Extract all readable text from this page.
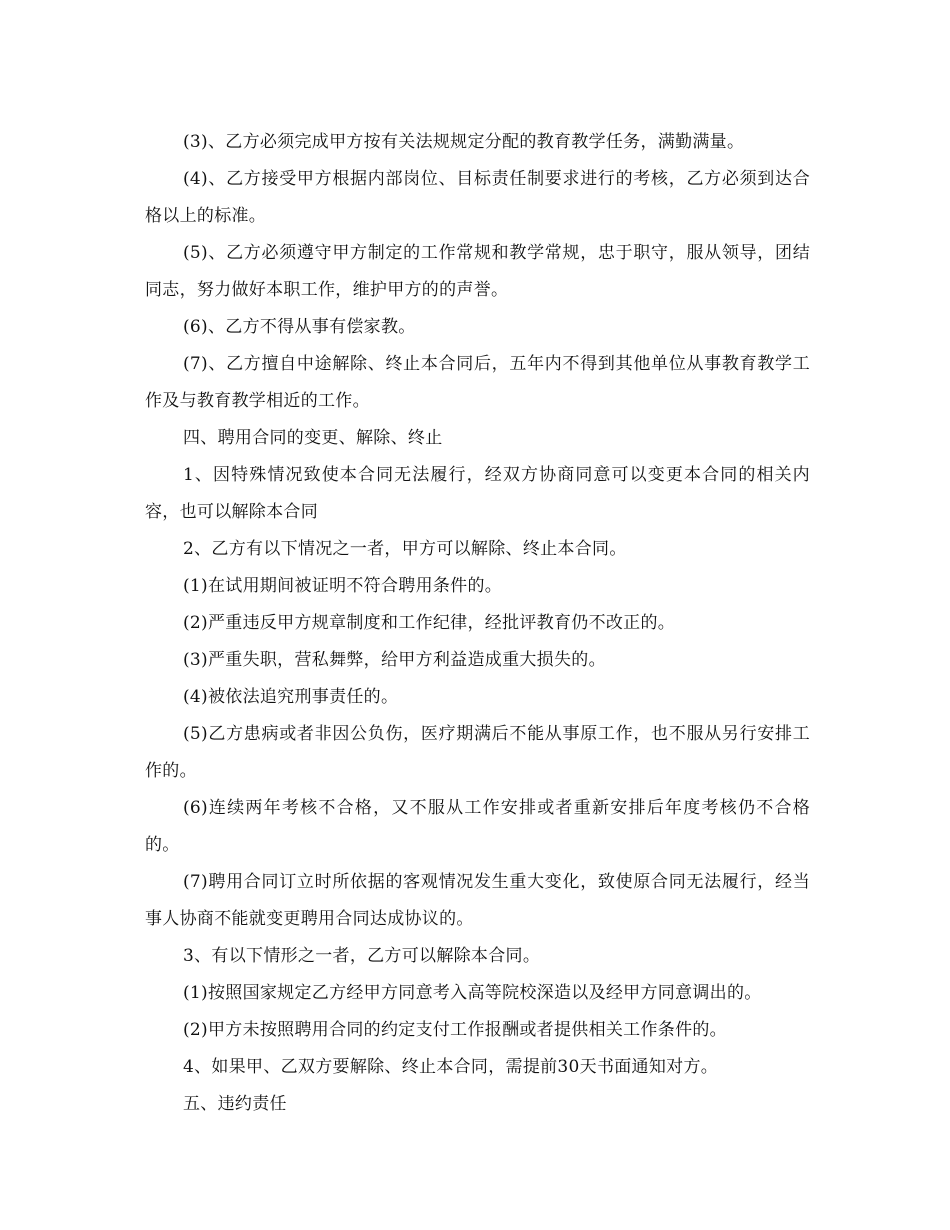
(3)、乙方必须完成甲方按有关法规规定分配的教育教学任务，满勤满量。

(4)、乙方接受甲方根据内部岗位、目标责任制要求进行的考核，乙方必须到达合格以上的标准。

(5)、乙方必须遵守甲方制定的工作常规和教学常规，忠于职守，服从领导，团结同志，努力做好本职工作，维护甲方的的声誉。

(6)、乙方不得从事有偿家教。

(7)、乙方擅自中途解除、终止本合同后，五年内不得到其他单位从事教育教学工作及与教育教学相近的工作。

四、聘用合同的变更、解除、终止

1、因特殊情况致使本合同无法履行，经双方协商同意可以变更本合同的相关内容，也可以解除本合同

2、乙方有以下情况之一者，甲方可以解除、终止本合同。

(1)在试用期间被证明不符合聘用条件的。

(2)严重违反甲方规章制度和工作纪律，经批评教育仍不改正的。

(3)严重失职，营私舞弊，给甲方利益造成重大损失的。

(4)被依法追究刑事责任的。

(5)乙方患病或者非因公负伤，医疗期满后不能从事原工作，也不服从另行安排工作的。

(6)连续两年考核不合格，又不服从工作安排或者重新安排后年度考核仍不合格的。

(7)聘用合同订立时所依据的客观情况发生重大变化，致使原合同无法履行，经当事人协商不能就变更聘用合同达成协议的。

3、有以下情形之一者，乙方可以解除本合同。

(1)按照国家规定乙方经甲方同意考入高等院校深造以及经甲方同意调出的。

(2)甲方未按照聘用合同的约定支付工作报酬或者提供相关工作条件的。

4、如果甲、乙双方要解除、终止本合同，需提前30天书面通知对方。

五、违约责任
